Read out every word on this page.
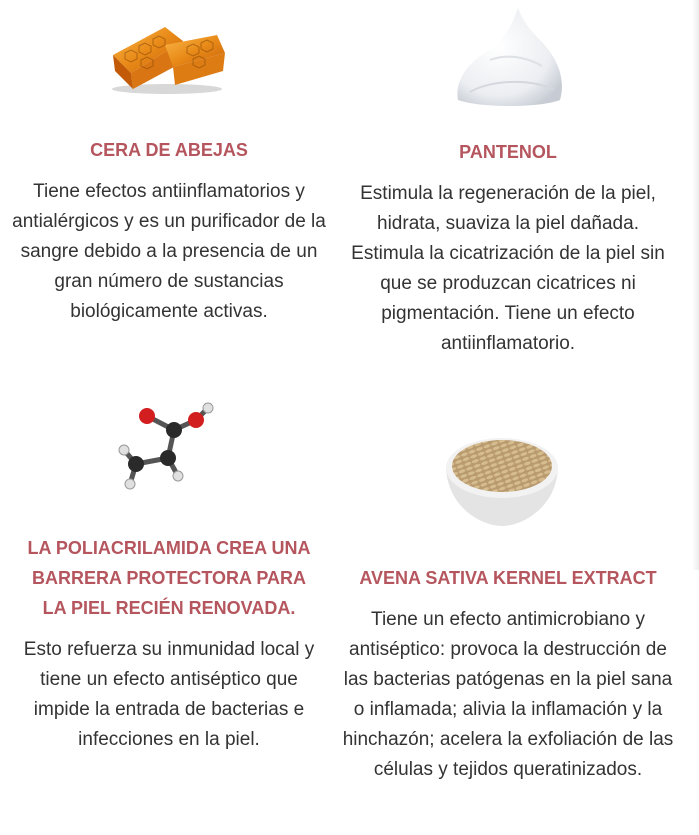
CERA DE ABEJAS
Tiene efectos antiinflamatorios y antialérgicos y es un purificador de la sangre debido a la presencia de un gran número de sustancias biológicamente activas.
PANTENOL
Estimula la regeneración de la piel, hidrata, suaviza la piel dañada. Estimula la cicatrización de la piel sin que se produzcan cicatrices ni pigmentación. Tiene un efecto antiinflamatorio.
LA POLIACRILAMIDA CREA UNA BARRERA PROTECTORA PARA LA PIEL RECIÉN RENOVADA.
Esto refuerza su inmunidad local y tiene un efecto antiséptico que impide la entrada de bacterias e infecciones en la piel.
AVENA SATIVA KERNEL EXTRACT
Tiene un efecto antimicrobiano y antiséptico: provoca la destrucción de las bacterias patógenas en la piel sana o inflamada; alivia la inflamación y la hinchazón; acelera la exfoliación de las células y tejidos queratinizados.
